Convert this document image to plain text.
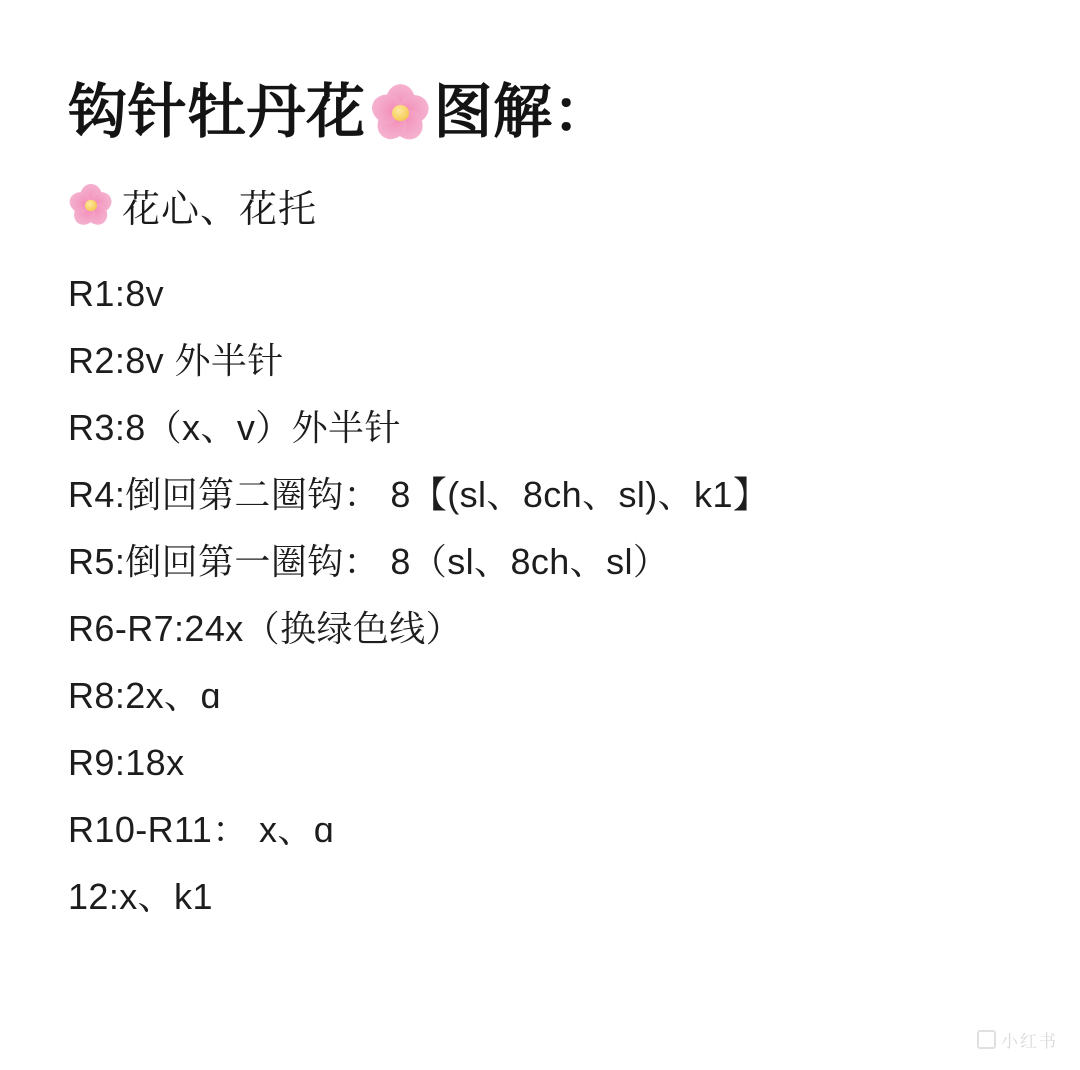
钩针牡丹花 图解：
花心、花托
R1:8v
R2:8v 外半针
R3:8（x、v）外半针
R4:倒回第二圈钩： 8【(sl、8ch、sl)、k1】
R5:倒回第一圈钩： 8（sl、8ch、sl）
R6-R7:24x（换绿色线）
R8:2x、ɑ
R9:18x
R10-R11： x、ɑ
12:x、k1
小红书
